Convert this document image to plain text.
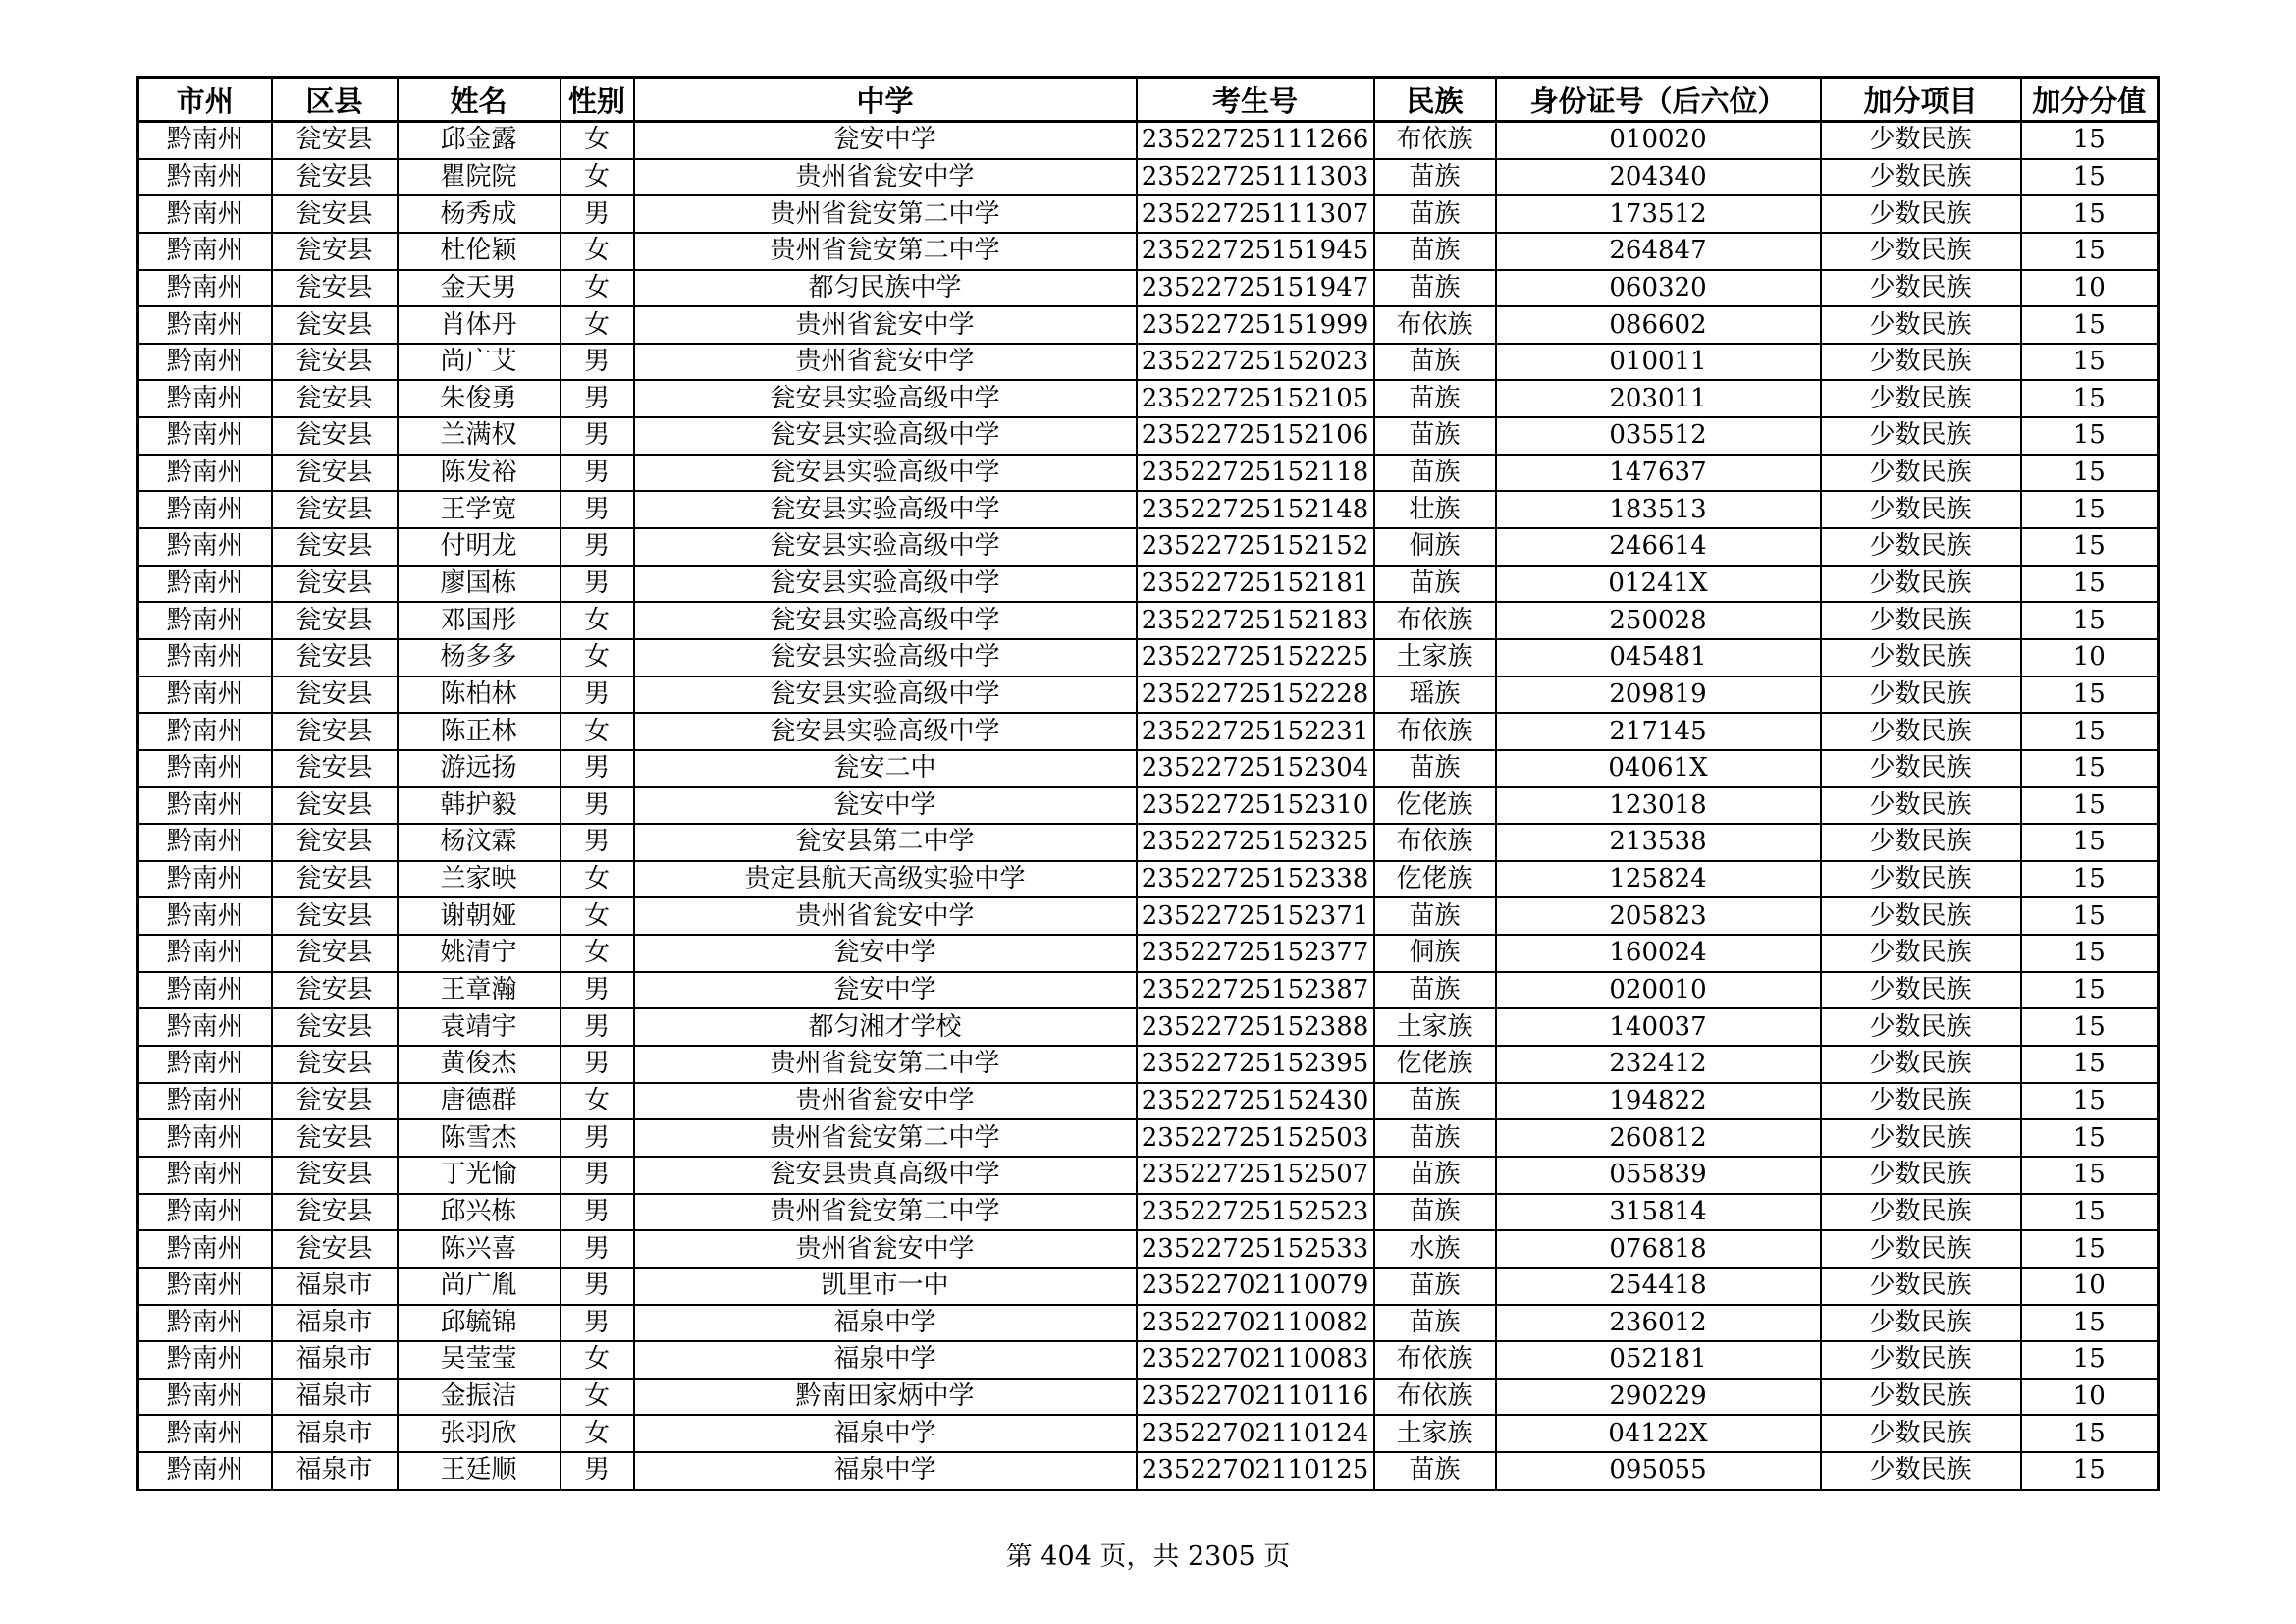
市州	区县	姓名	性别	中学	考生号	民族	身份证号（后六位）	加分项目	加分分值
黔南州	瓮安县	邱金露	女	瓮安中学	23522725111266	布依族	010020	少数民族	15
黔南州	瓮安县	瞿院院	女	贵州省瓮安中学	23522725111303	苗族	204340	少数民族	15
黔南州	瓮安县	杨秀成	男	贵州省瓮安第二中学	23522725111307	苗族	173512	少数民族	15
黔南州	瓮安县	杜伦颖	女	贵州省瓮安第二中学	23522725151945	苗族	264847	少数民族	15
黔南州	瓮安县	金天男	女	都匀民族中学	23522725151947	苗族	060320	少数民族	10
黔南州	瓮安县	肖体丹	女	贵州省瓮安中学	23522725151999	布依族	086602	少数民族	15
黔南州	瓮安县	尚广艾	男	贵州省瓮安中学	23522725152023	苗族	010011	少数民族	15
黔南州	瓮安县	朱俊勇	男	瓮安县实验高级中学	23522725152105	苗族	203011	少数民族	15
黔南州	瓮安县	兰满权	男	瓮安县实验高级中学	23522725152106	苗族	035512	少数民族	15
黔南州	瓮安县	陈发裕	男	瓮安县实验高级中学	23522725152118	苗族	147637	少数民族	15
黔南州	瓮安县	王学宽	男	瓮安县实验高级中学	23522725152148	壮族	183513	少数民族	15
黔南州	瓮安县	付明龙	男	瓮安县实验高级中学	23522725152152	侗族	246614	少数民族	15
黔南州	瓮安县	廖国栋	男	瓮安县实验高级中学	23522725152181	苗族	01241X	少数民族	15
黔南州	瓮安县	邓国彤	女	瓮安县实验高级中学	23522725152183	布依族	250028	少数民族	15
黔南州	瓮安县	杨多多	女	瓮安县实验高级中学	23522725152225	土家族	045481	少数民族	10
黔南州	瓮安县	陈柏林	男	瓮安县实验高级中学	23522725152228	瑶族	209819	少数民族	15
黔南州	瓮安县	陈正林	女	瓮安县实验高级中学	23522725152231	布依族	217145	少数民族	15
黔南州	瓮安县	游远扬	男	瓮安二中	23522725152304	苗族	04061X	少数民族	15
黔南州	瓮安县	韩护毅	男	瓮安中学	23522725152310	仡佬族	123018	少数民族	15
黔南州	瓮安县	杨汶霖	男	瓮安县第二中学	23522725152325	布依族	213538	少数民族	15
黔南州	瓮安县	兰家映	女	贵定县航天高级实验中学	23522725152338	仡佬族	125824	少数民族	15
黔南州	瓮安县	谢朝娅	女	贵州省瓮安中学	23522725152371	苗族	205823	少数民族	15
黔南州	瓮安县	姚清宁	女	瓮安中学	23522725152377	侗族	160024	少数民族	15
黔南州	瓮安县	王章瀚	男	瓮安中学	23522725152387	苗族	020010	少数民族	15
黔南州	瓮安县	袁靖宇	男	都匀湘才学校	23522725152388	土家族	140037	少数民族	15
黔南州	瓮安县	黄俊杰	男	贵州省瓮安第二中学	23522725152395	仡佬族	232412	少数民族	15
黔南州	瓮安县	唐德群	女	贵州省瓮安中学	23522725152430	苗族	194822	少数民族	15
黔南州	瓮安县	陈雪杰	男	贵州省瓮安第二中学	23522725152503	苗族	260812	少数民族	15
黔南州	瓮安县	丁光愉	男	瓮安县贵真高级中学	23522725152507	苗族	055839	少数民族	15
黔南州	瓮安县	邱兴栋	男	贵州省瓮安第二中学	23522725152523	苗族	315814	少数民族	15
黔南州	瓮安县	陈兴喜	男	贵州省瓮安中学	23522725152533	水族	076818	少数民族	15
黔南州	福泉市	尚广胤	男	凯里市一中	23522702110079	苗族	254418	少数民族	10
黔南州	福泉市	邱毓锦	男	福泉中学	23522702110082	苗族	236012	少数民族	15
黔南州	福泉市	吴莹莹	女	福泉中学	23522702110083	布依族	052181	少数民族	15
黔南州	福泉市	金振洁	女	黔南田家炳中学	23522702110116	布依族	290229	少数民族	10
黔南州	福泉市	张羽欣	女	福泉中学	23522702110124	土家族	04122X	少数民族	15
黔南州	福泉市	王廷顺	男	福泉中学	23522702110125	苗族	095055	少数民族	15
第 404 页，共 2305 页
